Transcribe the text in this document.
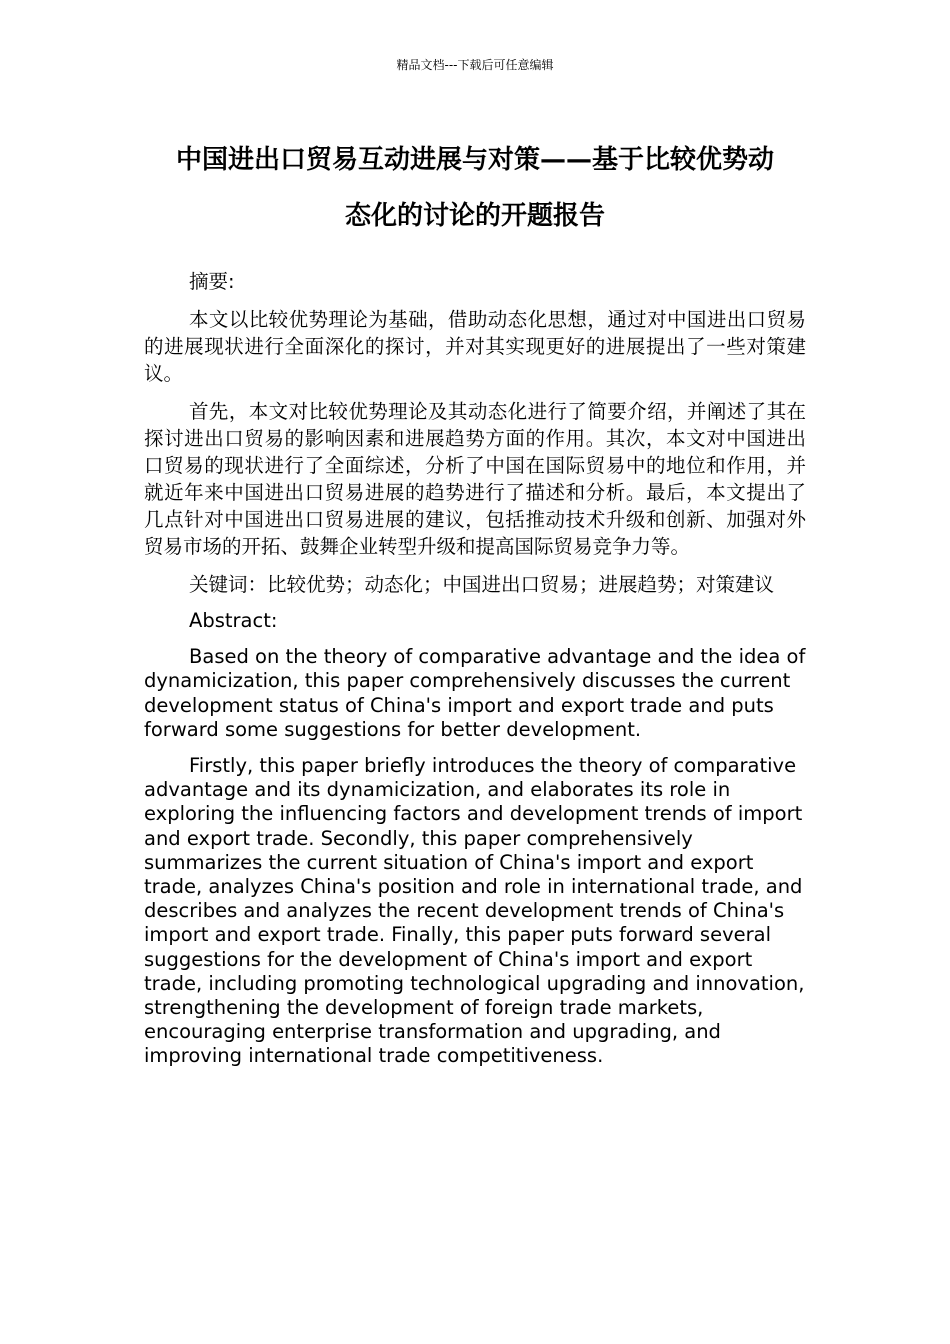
精品文档---下载后可任意编辑
中国进出口贸易互动进展与对策——基于比较优势动
态化的讨论的开题报告

摘要:

本文以比较优势理论为基础，借助动态化思想，通过对中国进出口贸易的进展现状进行全面深化的探讨，并对其实现更好的进展提出了一些对策建议。

首先，本文对比较优势理论及其动态化进行了简要介绍，并阐述了其在探讨进出口贸易的影响因素和进展趋势方面的作用。其次，本文对中国进出口贸易的现状进行了全面综述，分析了中国在国际贸易中的地位和作用，并就近年来中国进出口贸易进展的趋势进行了描述和分析。最后，本文提出了几点针对中国进出口贸易进展的建议，包括推动技术升级和创新、加强对外贸易市场的开拓、鼓舞企业转型升级和提高国际贸易竞争力等。

关键词：比较优势；动态化；中国进出口贸易；进展趋势；对策建议

Abstract:

Based on the theory of comparative advantage and the idea of dynamicization, this paper comprehensively discusses the current development status of China's import and export trade and puts forward some suggestions for better development.

Firstly, this paper briefly introduces the theory of comparative advantage and its dynamicization, and elaborates its role in exploring the influencing factors and development trends of import and export trade. Secondly, this paper comprehensively summarizes the current situation of China's import and export trade, analyzes China's position and role in international trade, and describes and analyzes the recent development trends of China's import and export trade. Finally, this paper puts forward several suggestions for the development of China's import and export trade, including promoting technological upgrading and innovation, strengthening the development of foreign trade markets, encouraging enterprise transformation and upgrading, and improving international trade competitiveness.
